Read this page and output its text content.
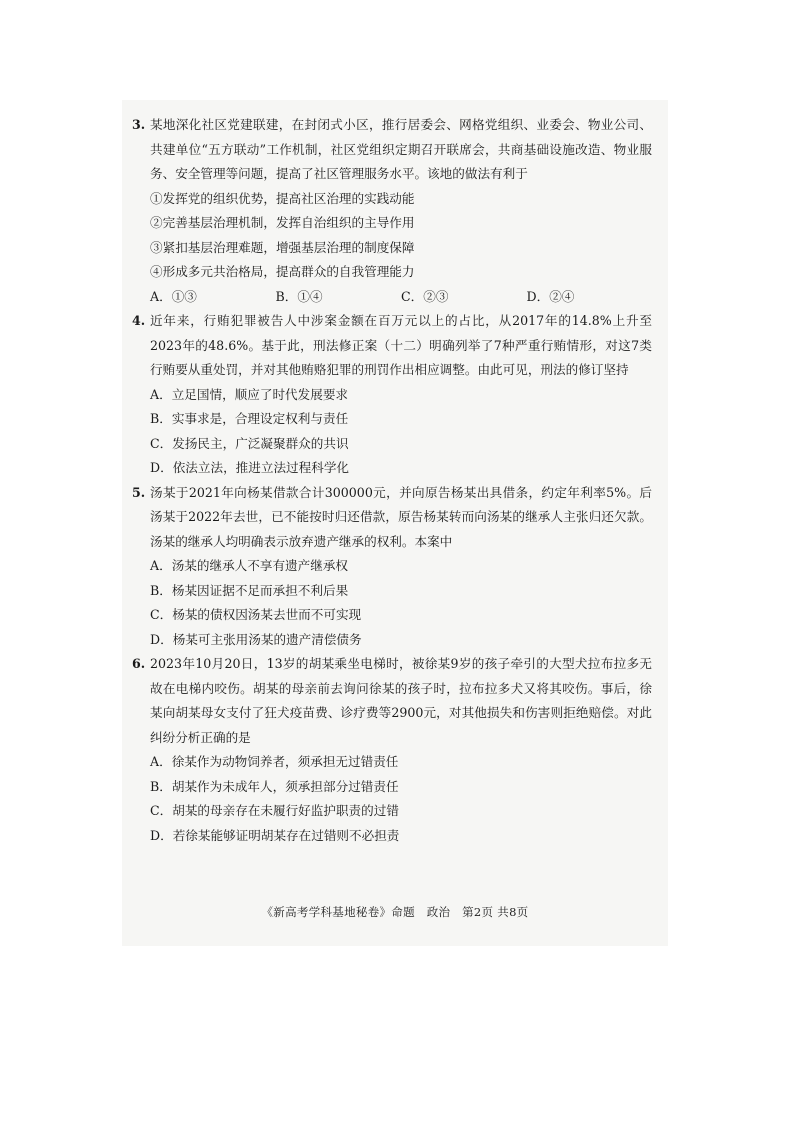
3. 某地深化社区党建联建，在封闭式小区，推行居委会、网格党组织、业委会、物业公司、共建单位“五方联动”工作机制，社区党组织定期召开联席会，共商基础设施改造、物业服务、安全管理等问题，提高了社区管理服务水平。该地的做法有利于

①发挥党的组织优势，提高社区治理的实践动能
②完善基层治理机制，发挥自治组织的主导作用
③紧扣基层治理难题，增强基层治理的制度保障
④形成多元共治格局，提高群众的自我管理能力
A．①③	B．①④	C．②③	D．②④

4. 近年来，行贿犯罪被告人中涉案金额在百万元以上的占比，从2017年的14.8%上升至2023年的48.6%。基于此，刑法修正案（十二）明确列举了7种严重行贿情形，对这7类行贿要从重处罚，并对其他贿赂犯罪的刑罚作出相应调整。由此可见，刑法的修订坚持

A．立足国情，顺应了时代发展要求
B．实事求是，合理设定权利与责任
C．发扬民主，广泛凝聚群众的共识
D．依法立法，推进立法过程科学化

5. 汤某于2021年向杨某借款合计300000元，并向原告杨某出具借条，约定年利率5%。后汤某于2022年去世，已不能按时归还借款，原告杨某转而向汤某的继承人主张归还欠款。汤某的继承人均明确表示放弃遗产继承的权利。本案中

A．汤某的继承人不享有遗产继承权
B．杨某因证据不足而承担不利后果
C．杨某的债权因汤某去世而不可实现
D．杨某可主张用汤某的遗产清偿债务

6. 2023年10月20日，13岁的胡某乘坐电梯时，被徐某9岁的孩子牵引的大型犬拉布拉多无故在电梯内咬伤。胡某的母亲前去询问徐某的孩子时，拉布拉多犬又将其咬伤。事后，徐某向胡某母女支付了狂犬疫苗费、诊疗费等2900元，对其他损失和伤害则拒绝赔偿。对此纠纷分析正确的是

A．徐某作为动物饲养者，须承担无过错责任
B．胡某作为未成年人，须承担部分过错责任
C．胡某的母亲存在未履行好监护职责的过错
D．若徐某能够证明胡某存在过错则不必担责
《新高考学科基地秘卷》命题　政治　第2页 共8页
